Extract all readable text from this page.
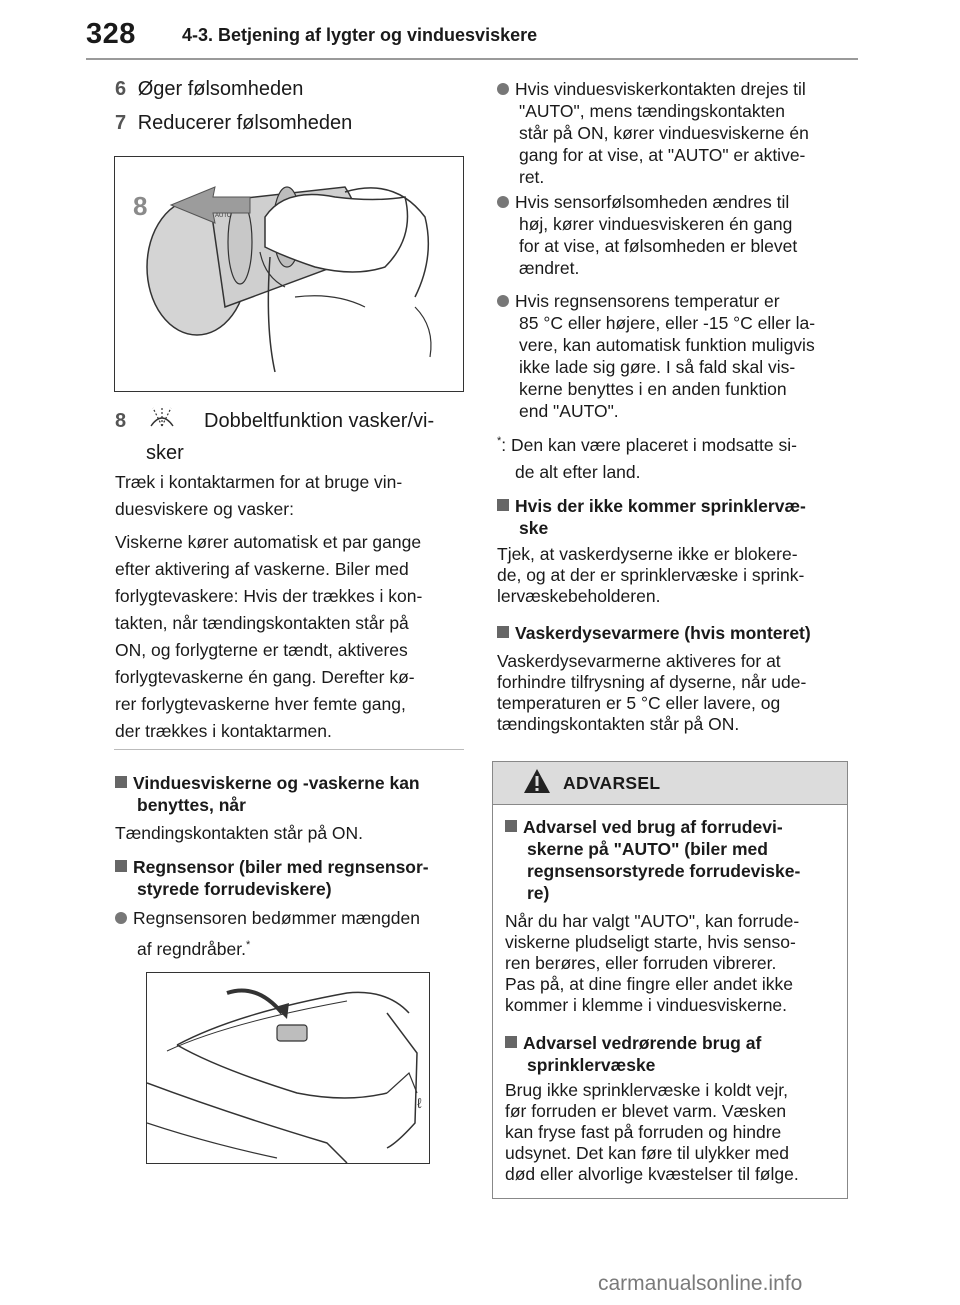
328	4-3. Betjening af lygter og vinduesviskere
6 Øger følsomheden
7 Reducerer følsomheden
AUTO
8
8	Dobbeltfunktion vasker/vi-
sker
Træk i kontaktarmen for at bruge vin-
duesviskere og vasker:
Viskerne kører automatisk et par gange
efter aktivering af vaskerne. Biler med
forlygtevaskere: Hvis der trækkes i kon-
takten, når tændingskontakten står på
ON, og forlygterne er tændt, aktiveres
forlygtevaskerne én gang. Derefter kø-
rer forlygtevaskerne hver femte gang,
der trækkes i kontaktarmen.
Vinduesviskerne og -vaskerne kan
benyttes, når
Tændingskontakten står på ON.
Regnsensor (biler med regnsensor-
styrede forrudeviskere)
Regnsensoren bedømmer mængden
af regndråber.*
ℓ
Hvis vinduesviskerkontakten drejes til
"AUTO", mens tændingskontakten
står på ON, kører vinduesviskerne én
gang for at vise, at "AUTO" er aktive-
ret.
Hvis sensorfølsomheden ændres til
høj, kører vinduesviskeren én gang
for at vise, at følsomheden er blevet
ændret.
Hvis regnsensorens temperatur er
85 °C eller højere, eller -15 °C eller la-
vere, kan automatisk funktion muligvis
ikke lade sig gøre. I så fald skal vis-
kerne benyttes i en anden funktion
end "AUTO".
*: Den kan være placeret i modsatte si-
de alt efter land.
Hvis der ikke kommer sprinklervæ-
ske
Tjek, at vaskerdyserne ikke er blokere-
de, og at der er sprinklervæske i sprink-
lervæskebeholderen.
Vaskerdysevarmere (hvis monteret)
Vaskerdysevarmerne aktiveres for at
forhindre tilfrysning af dyserne, når ude-
temperaturen er 5 °C eller lavere, og
tændingskontakten står på ON.
ADVARSEL
Advarsel ved brug af forrudevi-
skerne på "AUTO" (biler med
regnsensorstyrede forrudeviske-
re)
Når du har valgt "AUTO", kan forrude-
viskerne pludseligt starte, hvis senso-
ren berøres, eller forruden vibrerer.
Pas på, at dine fingre eller andet ikke
kommer i klemme i vinduesviskerne.
Advarsel vedrørende brug af
sprinklervæske
Brug ikke sprinklervæske i koldt vejr,
før forruden er blevet varm. Væsken
kan fryse fast på forruden og hindre
udsynet. Det kan føre til ulykker med
død eller alvorlige kvæstelser til følge.
carmanualsonline.info
